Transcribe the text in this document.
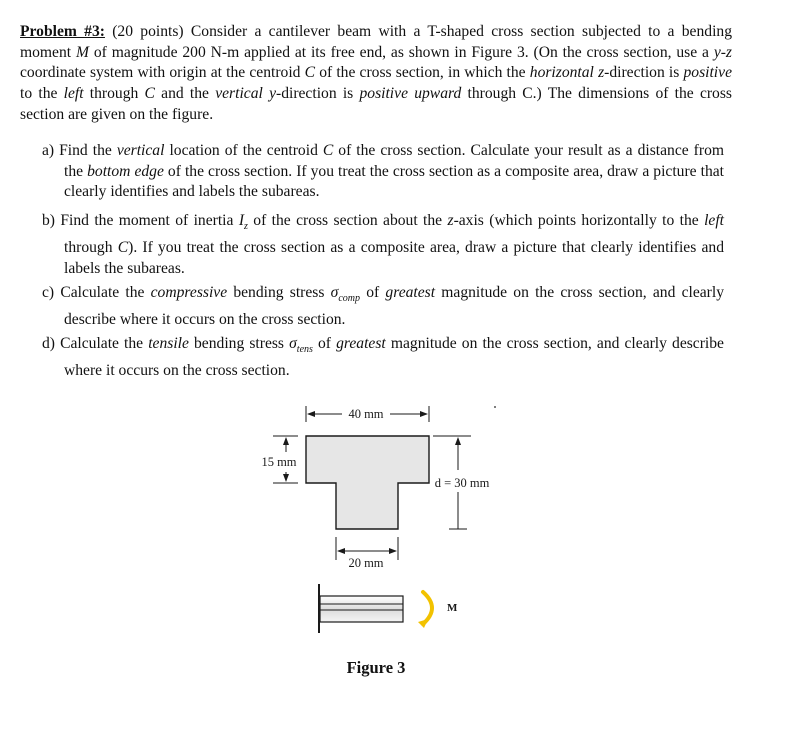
Problem #3: (20 points) Consider a cantilever beam with a T-shaped cross section subjected to a bending moment M of magnitude 200 N-m applied at its free end, as shown in Figure 3. (On the cross section, use a y-z coordinate system with origin at the centroid C of the cross section, in which the horizontal z-direction is positive to the left through C and the vertical y-direction is positive upward through C.) The dimensions of the cross section are given on the figure.
a) Find the vertical location of the centroid C of the cross section. Calculate your result as a distance from the bottom edge of the cross section. If you treat the cross section as a composite area, draw a picture that clearly identifies and labels the subareas.
b) Find the moment of inertia $I_z$ of the cross section about the z-axis (which points horizontally to the left through C). If you treat the cross section as a composite area, draw a picture that clearly identifies and labels the subareas.
c) Calculate the compressive bending stress $\sigma_{comp}$ of greatest magnitude on the cross section, and clearly describe where it occurs on the cross section.
d) Calculate the tensile bending stress $\sigma_{tens}$ of greatest magnitude on the cross section, and clearly describe where it occurs on the cross section.
40 mm
15 mm
d = 30 mm
20 mm
M
Figure 3
